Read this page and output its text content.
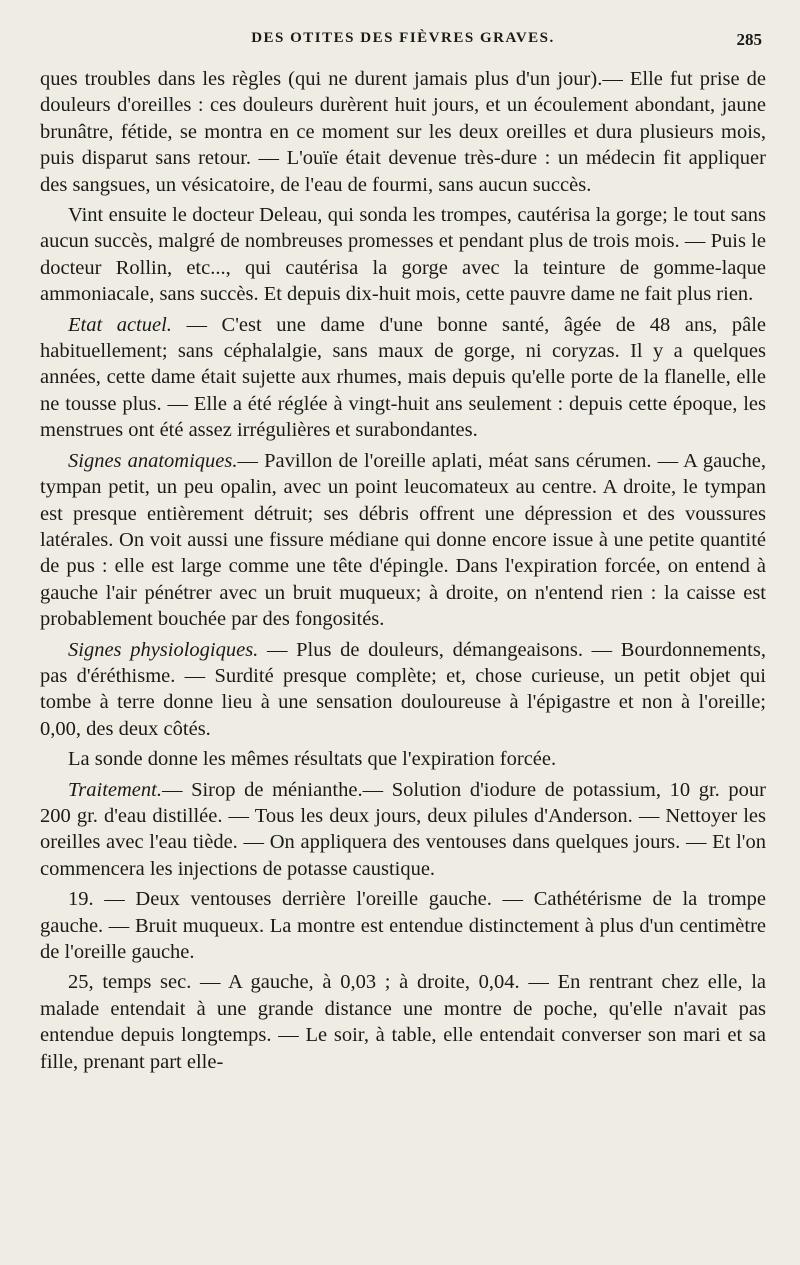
DES OTITES DES FIÈVRES GRAVES.	285

ques troubles dans les règles (qui ne durent jamais plus d'un jour).— Elle fut prise de douleurs d'oreilles : ces douleurs durèrent huit jours, et un écoulement abondant, jaune brunâtre, fétide, se montra en ce moment sur les deux oreilles et dura plusieurs mois, puis disparut sans retour. — L'ouïe était devenue très-dure : un médecin fit appliquer des sangsues, un vésicatoire, de l'eau de fourmi, sans aucun succès.

Vint ensuite le docteur Deleau, qui sonda les trompes, cautérisa la gorge; le tout sans aucun succès, malgré de nombreuses promesses et pendant plus de trois mois. — Puis le docteur Rollin, etc..., qui cautérisa la gorge avec la teinture de gomme-laque ammoniacale, sans succès. Et depuis dix-huit mois, cette pauvre dame ne fait plus rien.

Etat actuel. — C'est une dame d'une bonne santé, âgée de 48 ans, pâle habituellement; sans céphalalgie, sans maux de gorge, ni coryzas. Il y a quelques années, cette dame était sujette aux rhumes, mais depuis qu'elle porte de la flanelle, elle ne tousse plus. — Elle a été réglée à vingt-huit ans seulement : depuis cette époque, les menstrues ont été assez irrégulières et surabondantes.

Signes anatomiques.— Pavillon de l'oreille aplati, méat sans cérumen. — A gauche, tympan petit, un peu opalin, avec un point leucomateux au centre. A droite, le tympan est presque entièrement détruit; ses débris offrent une dépression et des voussures latérales. On voit aussi une fissure médiane qui donne encore issue à une petite quantité de pus : elle est large comme une tête d'épingle. Dans l'expiration forcée, on entend à gauche l'air pénétrer avec un bruit muqueux; à droite, on n'entend rien : la caisse est probablement bouchée par des fongosités.

Signes physiologiques. — Plus de douleurs, démangeaisons. — Bourdonnements, pas d'éréthisme. — Surdité presque complète; et, chose curieuse, un petit objet qui tombe à terre donne lieu à une sensation douloureuse à l'épigastre et non à l'oreille; 0,00, des deux côtés.

La sonde donne les mêmes résultats que l'expiration forcée.

Traitement.— Sirop de ménianthe.— Solution d'iodure de potassium, 10 gr. pour 200 gr. d'eau distillée. — Tous les deux jours, deux pilules d'Anderson. — Nettoyer les oreilles avec l'eau tiède. — On appliquera des ventouses dans quelques jours. — Et l'on commencera les injections de potasse caustique.

19. — Deux ventouses derrière l'oreille gauche. — Cathétérisme de la trompe gauche. — Bruit muqueux. La montre est entendue distinctement à plus d'un centimètre de l'oreille gauche.

25, temps sec. — A gauche, à 0,03 ; à droite, 0,04. — En rentrant chez elle, la malade entendait à une grande distance une montre de poche, qu'elle n'avait pas entendue depuis longtemps. — Le soir, à table, elle entendait converser son mari et sa fille, prenant part elle-
